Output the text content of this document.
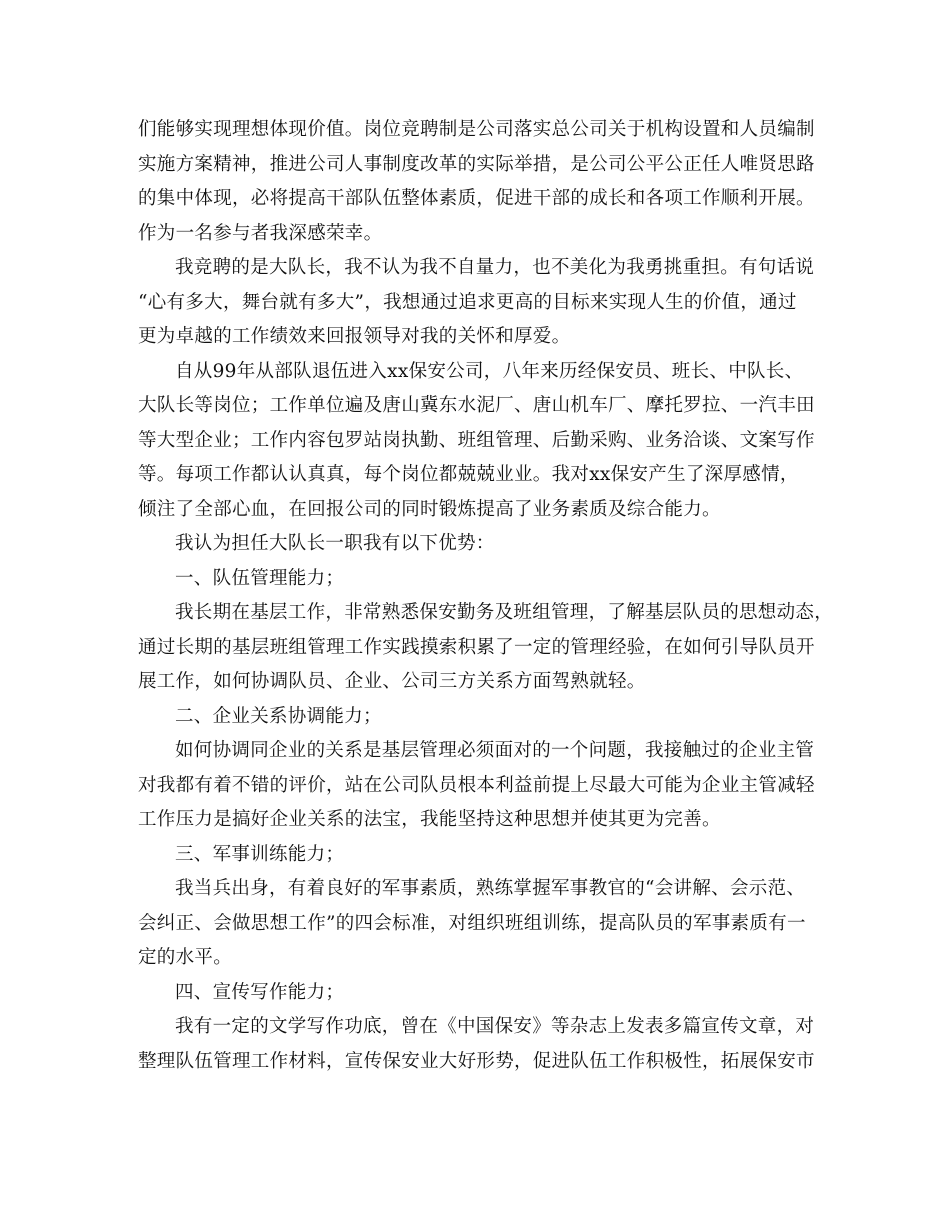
们能够实现理想体现价值。岗位竞聘制是公司落实总公司关于机构设置和人员编制
实施方案精神，推进公司人事制度改革的实际举措，是公司公平公正任人唯贤思路
的集中体现，必将提高干部队伍整体素质，促进干部的成长和各项工作顺利开展。
作为一名参与者我深感荣幸。
我竞聘的是大队长，我不认为我不自量力，也不美化为我勇挑重担。有句话说
“心有多大，舞台就有多大”，我想通过追求更高的目标来实现人生的价值，通过
更为卓越的工作绩效来回报领导对我的关怀和厚爱。
自从99年从部队退伍进入xx保安公司，八年来历经保安员、班长、中队长、
大队长等岗位；工作单位遍及唐山冀东水泥厂、唐山机车厂、摩托罗拉、一汽丰田
等大型企业；工作内容包罗站岗执勤、班组管理、后勤采购、业务洽谈、文案写作
等。每项工作都认认真真，每个岗位都兢兢业业。我对xx保安产生了深厚感情，
倾注了全部心血，在回报公司的同时锻炼提高了业务素质及综合能力。
我认为担任大队长一职我有以下优势：
一、队伍管理能力；
我长期在基层工作，非常熟悉保安勤务及班组管理，了解基层队员的思想动态，
通过长期的基层班组管理工作实践摸索积累了一定的管理经验，在如何引导队员开
展工作，如何协调队员、企业、公司三方关系方面驾熟就轻。
二、企业关系协调能力；
如何协调同企业的关系是基层管理必须面对的一个问题，我接触过的企业主管
对我都有着不错的评价，站在公司队员根本利益前提上尽最大可能为企业主管减轻
工作压力是搞好企业关系的法宝，我能坚持这种思想并使其更为完善。
三、军事训练能力；
我当兵出身，有着良好的军事素质，熟练掌握军事教官的“会讲解、会示范、
会纠正、会做思想工作”的四会标准，对组织班组训练，提高队员的军事素质有一
定的水平。
四、宣传写作能力；
我有一定的文学写作功底，曾在《中国保安》等杂志上发表多篇宣传文章，对
整理队伍管理工作材料，宣传保安业大好形势，促进队伍工作积极性，拓展保安市
